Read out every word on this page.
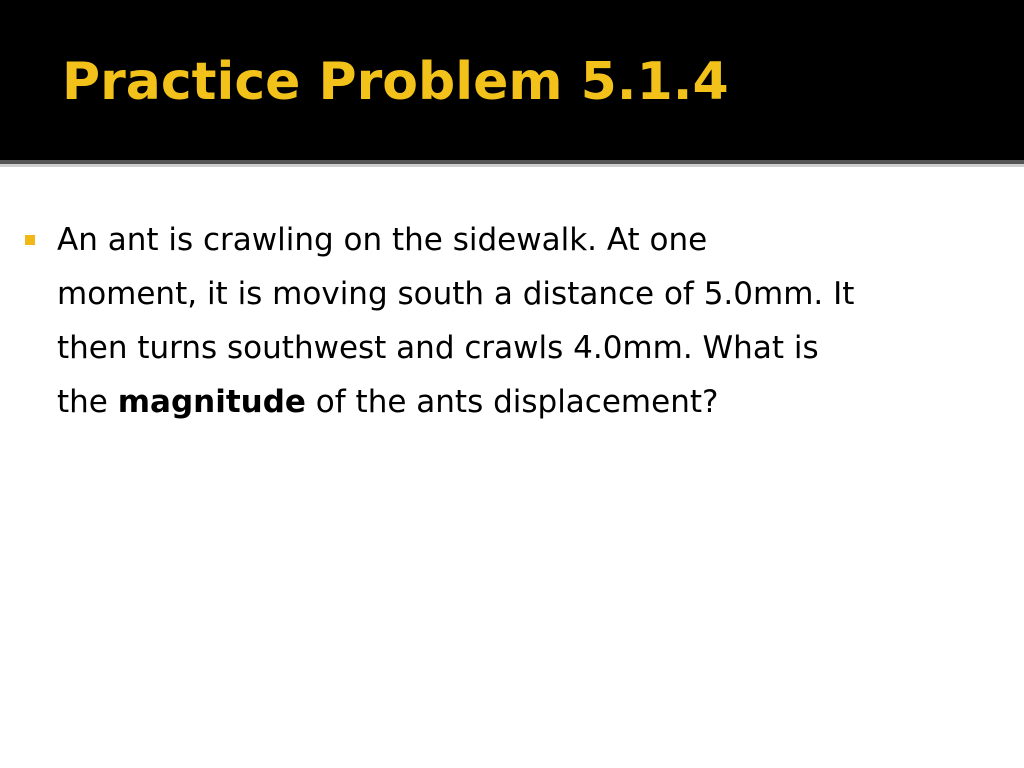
Practice Problem 5.1.4
An ant is crawling on the sidewalk. At one
moment, it is moving south a distance of 5.0mm. It
then turns southwest and crawls 4.0mm. What is
the magnitude of the ants displacement?
